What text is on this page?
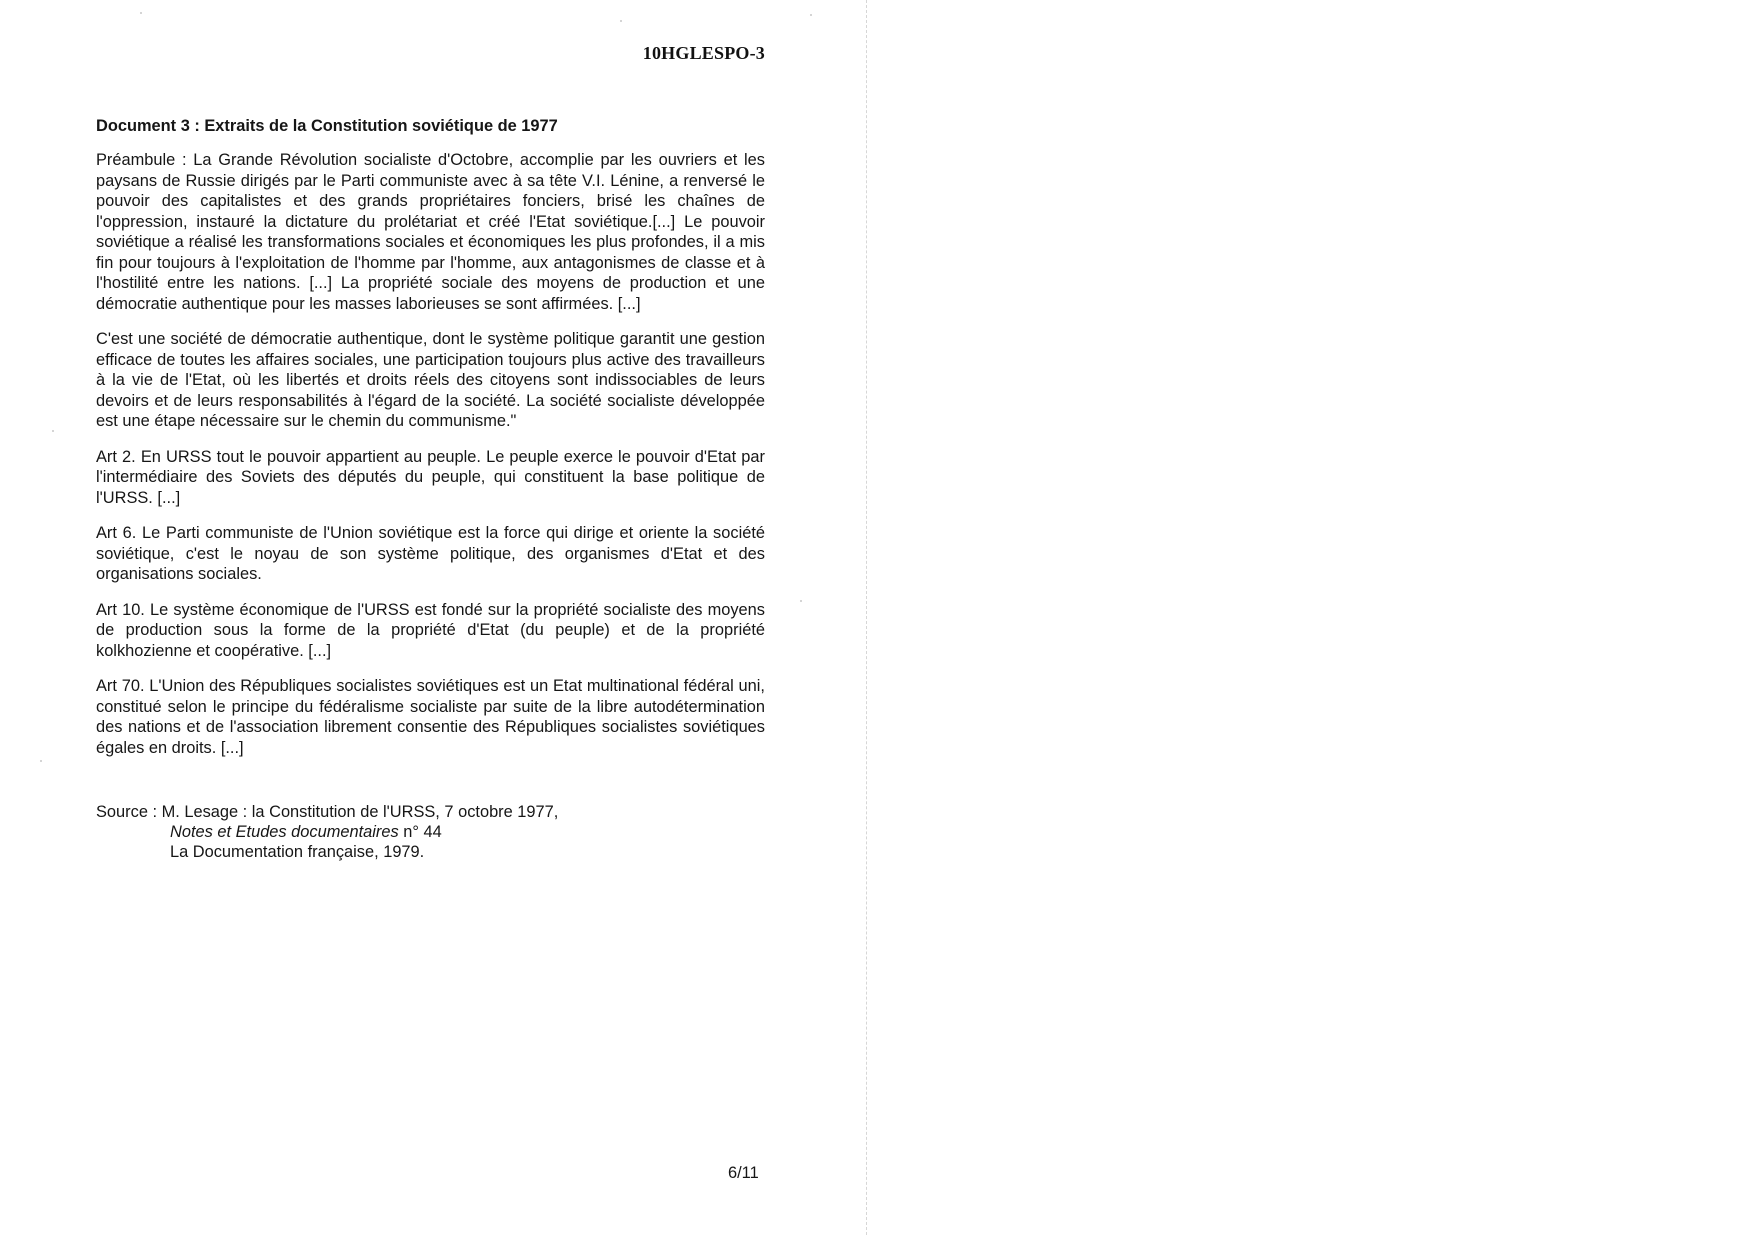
10HGLESPO-3
Document 3 : Extraits de la Constitution soviétique de 1977

Préambule : La Grande Révolution socialiste d'Octobre, accomplie par les ouvriers et les paysans de Russie dirigés par le Parti communiste avec à sa tête V.I. Lénine, a renversé le pouvoir des capitalistes et des grands propriétaires fonciers, brisé les chaînes de l'oppression, instauré la dictature du prolétariat et créé l'Etat soviétique.[...] Le pouvoir soviétique a réalisé les transformations sociales et économiques les plus profondes, il a mis fin pour toujours à l'exploitation de l'homme par l'homme, aux antagonismes de classe et à l'hostilité entre les nations. [...] La propriété sociale des moyens de production et une démocratie authentique pour les masses laborieuses se sont affirmées. [...]

C'est une société de démocratie authentique, dont le système politique garantit une gestion efficace de toutes les affaires sociales, une participation toujours plus active des travailleurs à la vie de l'Etat, où les libertés et droits réels des citoyens sont indissociables de leurs devoirs et de leurs responsabilités à l'égard de la société. La société socialiste développée est une étape nécessaire sur le chemin du communisme."

Art 2. En URSS tout le pouvoir appartient au peuple. Le peuple exerce le pouvoir d'Etat par l'intermédiaire des Soviets des députés du peuple, qui constituent la base politique de l'URSS. [...]

Art 6. Le Parti communiste de l'Union soviétique est la force qui dirige et oriente la société soviétique, c'est le noyau de son système politique, des organismes d'Etat et des organisations sociales.

Art 10. Le système économique de l'URSS est fondé sur la propriété socialiste des moyens de production sous la forme de la propriété d'Etat (du peuple) et de la propriété kolkhozienne et coopérative. [...]

Art 70. L'Union des Républiques socialistes soviétiques est un Etat multinational fédéral uni, constitué selon le principe du fédéralisme socialiste par suite de la libre autodétermination des nations et de l'association librement consentie des Républiques socialistes soviétiques égales en droits. [...]

Source : M. Lesage : la Constitution de l'URSS, 7 octobre 1977,
Notes et Etudes documentaires n° 44
La Documentation française, 1979.
6/11
